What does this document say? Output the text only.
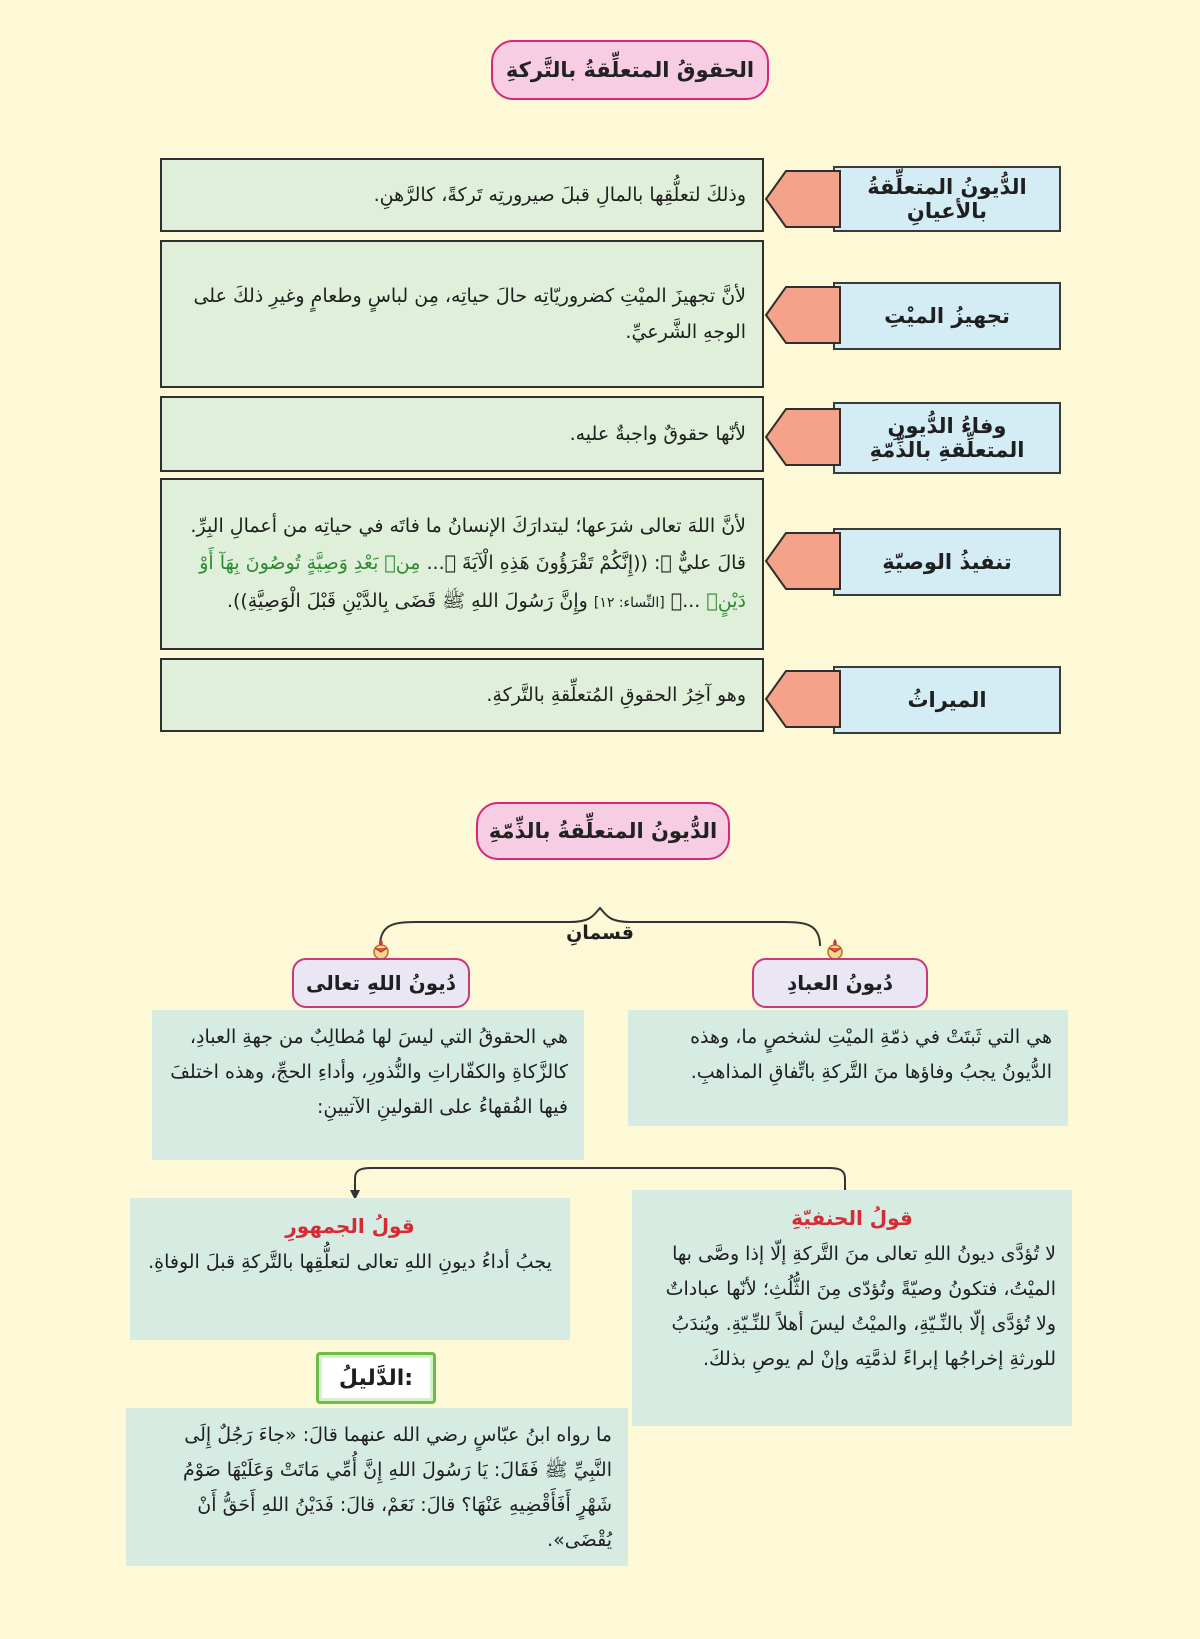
الحقوقُ المتعلِّقةُ بالتَّركةِ
الدُّيونُ المتعلِّقةُ بالأعيانِ

وذلكَ لتعلُّقِها بالمالِ قبلَ صيرورتِه تَركةً، كالرَّهنِ.

تجهيزُ الميْتِ

لأنَّ تجهيزَ الميْتِ كضروريّاتِه حالَ حياتِه، مِن لباسٍ وطعامٍ وغيرِ ذلكَ على الوجهِ الشَّرعيِّ.

وفاءُ الدُّيونِ المتعلِّقةِ بالذِّمّةِ

لأنّها حقوقٌ واجبةٌ عليه.

تنفيذُ الوصيّةِ

لأنَّ اللهَ تعالى شرَعها؛ ليتدارَكَ الإنسانُ ما فاتَه في حياتِه من أعمالِ البِرِّ.

قالَ عليٌّ ﷺ: ((إِنَّكُمْ تَقْرَؤُونَ هَذِهِ الْآيَةَ ﴿... مِنۢ بَعْدِ وَصِيَّةٍ تُوصُونَ بِهَآ أَوْ دَيْنٍۗ ...﴾ [النِّساء: ١٢] وإِنَّ رَسُولَ اللهِ ﷺ قَضَى بِالدَّيْنِ قَبْلَ الْوَصِيَّةِ)).

الميراثُ

وهو آخِرُ الحقوقِ المُتعلِّقةِ بالتَّركةِ.

الدُّيونُ المتعلِّقةُ بالذِّمّةِ
قسمانِ
دُيونُ العبادِ
دُيونُ اللهِ تعالى

هي التي ثَبتَتْ في ذمّةِ الميْتِ لشخصٍ ما، وهذه الدُّيونُ يجبُ وفاؤها منَ التَّركةِ باتِّفاقِ المذاهبِ.

هي الحقوقُ التي ليسَ لها مُطالِبٌ من جهةِ العبادِ، كالزَّكاةِ والكفّاراتِ والنُّذورِ، وأداءِ الحجِّ، وهذه اختلفَ فيها الفُقهاءُ على القولينِ الآتيينِ:

قولُ الحنفيّةِ

لا تُؤدَّى ديونُ اللهِ تعالى منَ التَّركةِ إلّا إذا وصَّى بها الميْتُ، فتكونُ وصيّةً وتُؤدّى مِنَ الثُّلُثِ؛ لأنّها عباداتٌ ولا تُؤدَّى إلّا بالنِّـيّةِ، والميْتُ ليسَ أهلاً للنِّـيّةِ. ويُندَبُ للورثةِ إخراجُها إبراءً لذمَّتِه وإنْ لم يوصِ بذلكَ.

قولُ الجمهورِ

يجبُ أداءُ ديونِ اللهِ تعالى لتعلُّقِها بالتَّركةِ قبلَ الوفاةِ.

الدَّليلُ:

ما رواه ابنُ عبّاسٍ رضي الله عنهما قالَ: «جاءَ رَجُلٌ إِلَى النَّبِيِّ ﷺ فَقَالَ: يَا رَسُولَ اللهِ إِنَّ أُمِّي مَاتَتْ وَعَلَيْهَا صَوْمُ شَهْرٍ أَفَأَقْضِيهِ عَنْهَا؟ قالَ: نَعَمْ، قالَ: فَدَيْنُ اللهِ أَحَقُّ أَنْ يُقْضَى».
